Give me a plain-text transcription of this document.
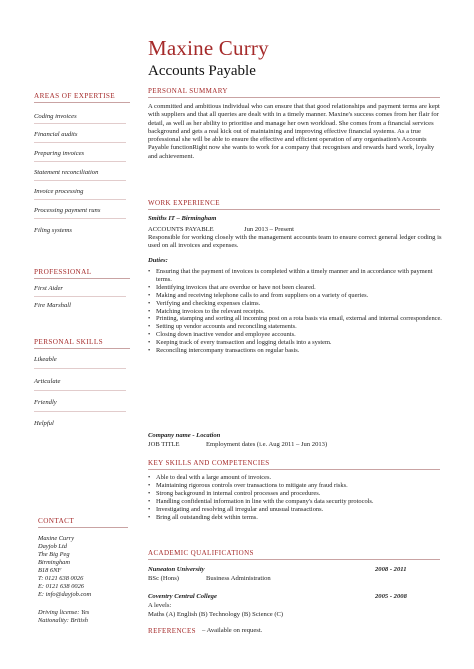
Maxine Curry
Accounts Payable
AREAS OF EXPERTISE
Coding invoices
Financial audits
Preparing invoices
Statement reconciliation
Invoice processing
Processing payment runs
Filing systems
PROFESSIONAL
First Aider
Fire Marshall
PERSONAL SKILLS
Likeable
Articulate
Friendly
Helpful
CONTACT
Maxine Curry
Dayjob Ltd
The Big Peg
Birmingham
B18 6NF
T: 0121 638 0026
E: 0121 638 0026
E: info@dayjob.com
Driving license: Yes
Nationality: British
PERSONAL SUMMARY
A committed and ambitious individual who can ensure that that good relationships and payment terms are kept with suppliers and that all queries are dealt with in a timely manner. Maxine's success comes from her flair for detail, as well as her ability to prioritise and manage her own workload. She comes from a financial services background and gets a real kick out of maintaining and improving effective financial systems. As a true professional she will be able to ensure the effective and efficient operation of any organisation's Accounts Payable functionRight now she wants to work for a company that recognises and rewards hard work, loyalty and achievement.
WORK EXPERIENCE
Smiths IT – Birmingham
ACCOUNTS PAYABLE	Jun 2013 – Present
Responsible for working closely with the management accounts team to ensure correct general ledger coding is used on all invoices and expenses.
Duties:
• Ensuring that the payment of invoices is completed within a timely manner and in accordance with payment terms.
• Identifying invoices that are overdue or have not been cleared.
• Making and receiving telephone calls to and from suppliers on a variety of queries.
• Verifying and checking expenses claims.
• Matching invoices to the relevant receipts.
• Printing, stamping and sorting all incoming post on a rota basis via email, external and internal correspondence.
• Setting up vendor accounts and reconciling statements.
• Closing down inactive vendor and employee accounts.
• Keeping track of every transaction and logging details into a system.
• Reconciling intercompany transactions on regular basis.
Company name - Location
JOB TITLE	Employment dates (i.e. Aug 2011 – Jun 2013)
KEY SKILLS AND COMPETENCIES
• Able to deal with a large amount of invoices.
• Maintaining rigorous controls over transactions to mitigate any fraud risks.
• Strong background in internal control processes and procedures.
• Handling confidential information in line with the company's data security protocols.
• Investigating and resolving all irregular and unusual transactions.
• Bring all outstanding debt within terms.
ACADEMIC QUALIFICATIONS
Nuneaton University	2008 - 2011
BSc (Hons)	Business Administration
Coventry Central College	2005 - 2008
A levels:
Maths (A) English (B) Technology (B) Science (C)
REFERENCES – Available on request.
